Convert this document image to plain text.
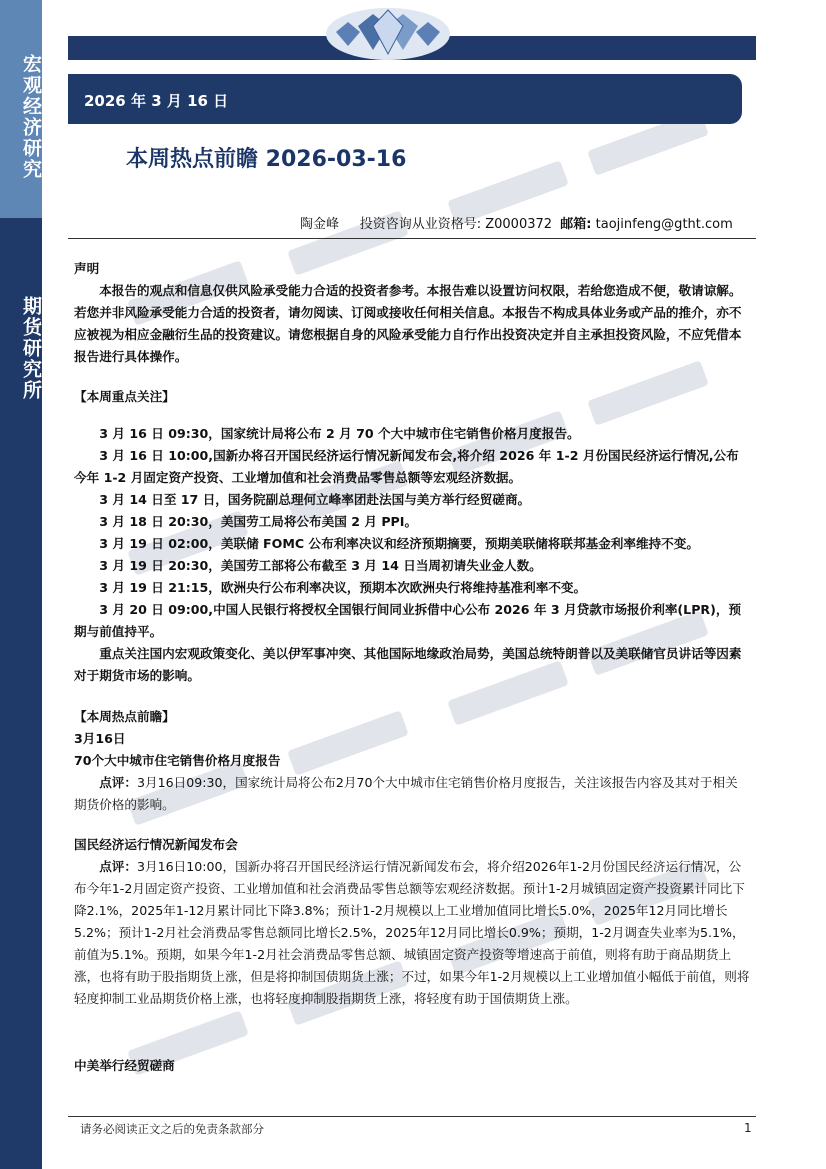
宏观经济研究
期货研究所
2026 年 3 月 16 日
本周热点前瞻 2026-03-16
陶金峰 投资咨询从业资格号: Z0000372 邮箱: taojinfeng@gtht.com
声明
本报告的观点和信息仅供风险承受能力合适的投资者参考。本报告难以设置访问权限，若给您造成不便，敬请谅解。若您并非风险承受能力合适的投资者，请勿阅读、订阅或接收任何相关信息。本报告不构成具体业务或产品的推介，亦不应被视为相应金融衍生品的投资建议。请您根据自身的风险承受能力自行作出投资决定并自主承担投资风险，不应凭借本报告进行具体操作。
【本周重点关注】
3 月 16 日 09:30，国家统计局将公布 2 月 70 个大中城市住宅销售价格月度报告。
3 月 16 日 10:00,国新办将召开国民经济运行情况新闻发布会,将介绍 2026 年 1-2 月份国民经济运行情况,公布今年 1-2 月固定资产投资、工业增加值和社会消费品零售总额等宏观经济数据。
3 月 14 日至 17 日，国务院副总理何立峰率团赴法国与美方举行经贸磋商。
3 月 18 日 20:30，美国劳工局将公布美国 2 月 PPI。
3 月 19 日 02:00，美联储 FOMC 公布利率决议和经济预期摘要，预期美联储将联邦基金利率维持不变。
3 月 19 日 20:30，美国劳工部将公布截至 3 月 14 日当周初请失业金人数。
3 月 19 日 21:15，欧洲央行公布利率决议，预期本次欧洲央行将维持基准利率不变。
3 月 20 日 09:00,中国人民银行将授权全国银行间同业拆借中心公布 2026 年 3 月贷款市场报价利率(LPR)，预期与前值持平。
重点关注国内宏观政策变化、美以伊军事冲突、其他国际地缘政治局势，美国总统特朗普以及美联储官员讲话等因素对于期货市场的影响。
【本周热点前瞻】
3月16日
70个大中城市住宅销售价格月度报告
点评：3月16日09:30，国家统计局将公布2月70个大中城市住宅销售价格月度报告，关注该报告内容及其对于相关期货价格的影响。
国民经济运行情况新闻发布会
点评：3月16日10:00，国新办将召开国民经济运行情况新闻发布会，将介绍2026年1-2月份国民经济运行情况，公布今年1-2月固定资产投资、工业增加值和社会消费品零售总额等宏观经济数据。预计1-2月城镇固定资产投资累计同比下降2.1%，2025年1-12月累计同比下降3.8%；预计1-2月规模以上工业增加值同比增长5.0%，2025年12月同比增长5.2%；预计1-2月社会消费品零售总额同比增长2.5%，2025年12月同比增长0.9%；预期，1-2月调查失业率为5.1%，前值为5.1%。预期，如果今年1-2月社会消费品零售总额、城镇固定资产投资等增速高于前值，则将有助于商品期货上涨，也将有助于股指期货上涨，但是将抑制国债期货上涨；不过，如果今年1-2月规模以上工业增加值小幅低于前值，则将轻度抑制工业品期货价格上涨，也将轻度抑制股指期货上涨，将轻度有助于国债期货上涨。
中美举行经贸磋商
请务必阅读正文之后的免责条款部分	1
